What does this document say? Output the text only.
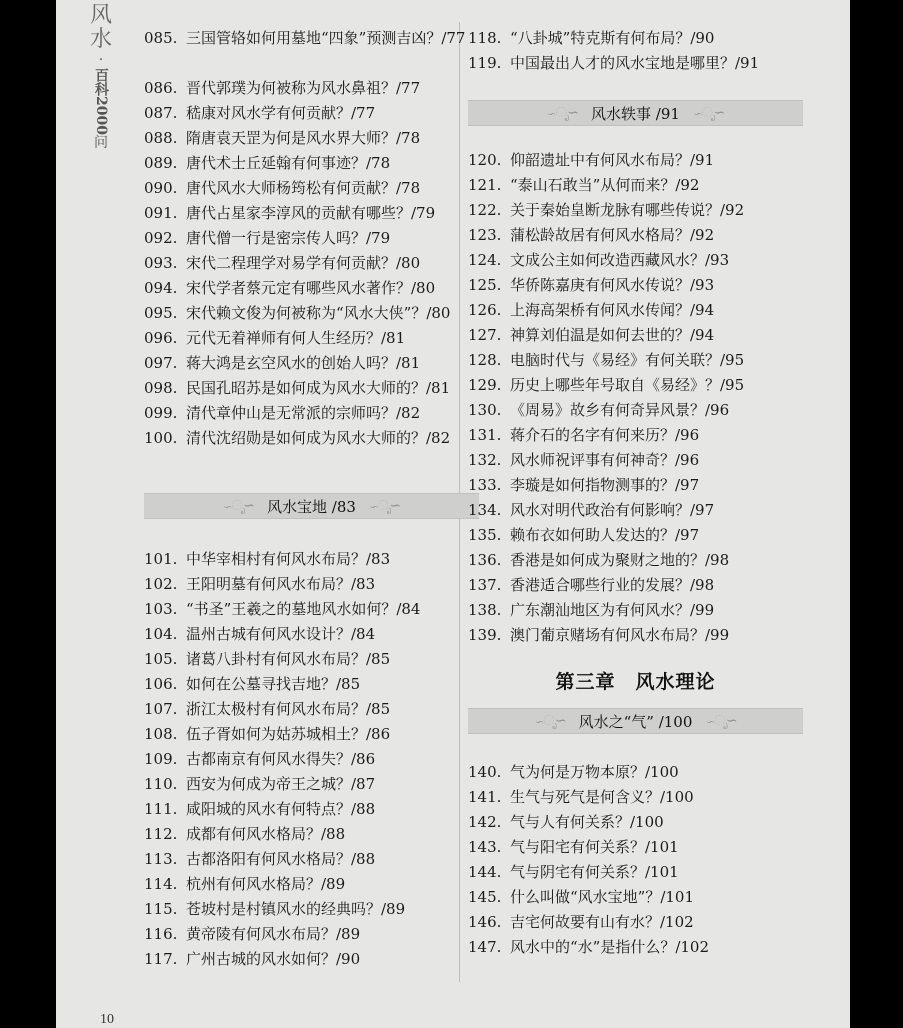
风水
·

百科
2000
问
085. 三国管辂如何用墓地“四象”预测吉凶？/77
086. 晋代郭璞为何被称为风水鼻祖？/77
087. 嵇康对风水学有何贡献？/77
088. 隋唐袁天罡为何是风水界大师？/78
089. 唐代术士丘延翰有何事迹？/78
090. 唐代风水大师杨筠松有何贡献？/78
091. 唐代占星家李淳风的贡献有哪些？/79
092. 唐代僧一行是密宗传人吗？/79
093. 宋代二程理学对易学有何贡献？/80
094. 宋代学者蔡元定有哪些风水著作？/80
095. 宋代赖文俊为何被称为“风水大侠”？/80
096. 元代无着禅师有何人生经历？/81
097. 蒋大鸿是玄空风水的创始人吗？/81
098. 民国孔昭苏是如何成为风水大师的？/81
099. 清代章仲山是无常派的宗师吗？/82
100. 清代沈绍勋是如何成为风水大师的？/82
∽ೃ∽ 风水宝地 /83 ∽ೃ∽
101. 中华宰相村有何风水布局？/83
102. 王阳明墓有何风水布局？/83
103. “书圣”王羲之的墓地风水如何？/84
104. 温州古城有何风水设计？/84
105. 诸葛八卦村有何风水布局？/85
106. 如何在公墓寻找吉地？/85
107. 浙江太极村有何风水布局？/85
108. 伍子胥如何为姑苏城相土？/86
109. 古都南京有何风水得失？/86
110. 西安为何成为帝王之城？/87
111. 咸阳城的风水有何特点？/88
112. 成都有何风水格局？/88
113. 古都洛阳有何风水格局？/88
114. 杭州有何风水格局？/89
115. 苍坡村是村镇风水的经典吗？/89
116. 黄帝陵有何风水布局？/89
117. 广州古城的风水如何？/90
118. “八卦城”特克斯有何布局？/90
119. 中国最出人才的风水宝地是哪里？/91
∽ೃ∽ 风水轶事 /91 ∽ೃ∽
120. 仰韶遗址中有何风水布局？/91
121. “泰山石敢当”从何而来？/92
122. 关于秦始皇断龙脉有哪些传说？/92
123. 蒲松龄故居有何风水格局？/92
124. 文成公主如何改造西藏风水？/93
125. 华侨陈嘉庚有何风水传说？/93
126. 上海高架桥有何风水传闻？/94
127. 神算刘伯温是如何去世的？/94
128. 电脑时代与《易经》有何关联？/95
129. 历史上哪些年号取自《易经》？/95
130. 《周易》故乡有何奇异风景？/96
131. 蒋介石的名字有何来历？/96
132. 风水师祝评事有何神奇？/96
133. 李璇是如何指物测事的？/97
134. 风水对明代政治有何影响？/97
135. 赖布衣如何助人发达的？/97
136. 香港是如何成为聚财之地的？/98
137. 香港适合哪些行业的发展？/98
138. 广东潮汕地区为有何风水？/99
139. 澳门葡京赌场有何风水布局？/99
第三章　风水理论
∽ೃ∽ 风水之“气” /100 ∽ೃ∽
140. 气为何是万物本原？/100
141. 生气与死气是何含义？/100
142. 气与人有何关系？/100
143. 气与阳宅有何关系？/101
144. 气与阴宅有何关系？/101
145. 什么叫做“风水宝地”？/101
146. 吉宅何故要有山有水？/102
147. 风水中的“水”是指什么？/102
10
